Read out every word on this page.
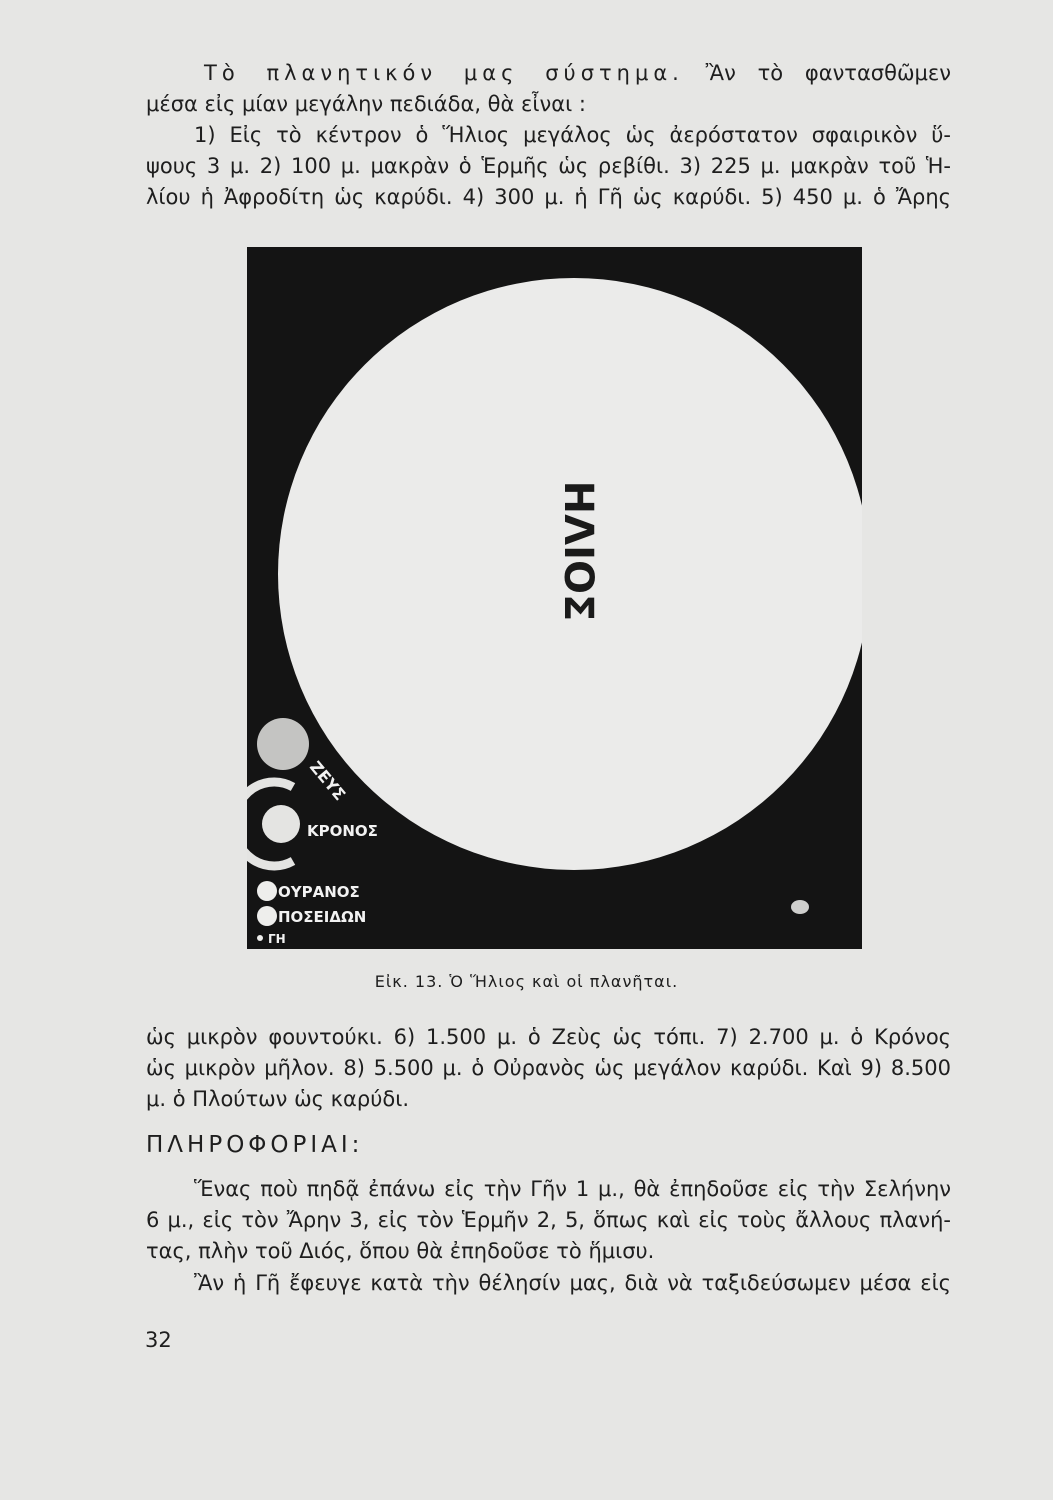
Τὸ πλανητικόν μας σύστημα. Ἂν τὸ φαντασθῶμεν
μέσα εἰς μίαν μεγάλην πεδιάδα, θὰ εἶναι :
1) Εἰς τὸ κέντρον ὁ Ἥλιος μεγάλος ὡς ἀερόστατον σφαιρικὸν ὕ-
ψους 3 μ. 2) 100 μ. μακρὰν ὁ Ἑρμῆς ὡς ρεβίθι. 3) 225 μ. μακρὰν τοῦ Ἡ-
λίου ἡ Ἀφροδίτη ὡς καρύδι. 4) 300 μ. ἡ Γῆ ὡς καρύδι. 5) 450 μ. ὁ Ἄρης
ΗΛΙΟΣ
ΖΕΥΣ
ΚΡΟΝΟΣ
ΟΥΡΑΝΟΣ
ΠΟΣΕΙΔΩΝ
ΓΗ
Εἰκ. 13. Ὁ Ἥλιος καὶ οἱ πλανῆται.
ὡς μικρὸν φουντούκι. 6) 1.500 μ. ὁ Ζεὺς ὡς τόπι. 7) 2.700 μ. ὁ Κρόνος
ὡς μικρὸν μῆλον. 8) 5.500 μ. ὁ Οὐρανὸς ὡς μεγάλον καρύδι. Καὶ 9) 8.500
μ. ὁ Πλούτων ὡς καρύδι.
ΠΛΗΡΟΦΟΡΙΑΙ:
Ἕνας ποὺ πηδᾷ ἐπάνω εἰς τὴν Γῆν 1 μ., θὰ ἐπηδοῦσε εἰς τὴν Σελήνην
6 μ., εἰς τὸν Ἄρην 3, εἰς τὸν Ἑρμῆν 2, 5, ὅπως καὶ εἰς τοὺς ἄλλους πλανή-
τας, πλὴν τοῦ Διός, ὅπου θὰ ἐπηδοῦσε τὸ ἥμισυ.
Ἂν ἡ Γῆ ἔφευγε κατὰ τὴν θέλησίν μας, διὰ νὰ ταξιδεύσωμεν μέσα εἰς
32
